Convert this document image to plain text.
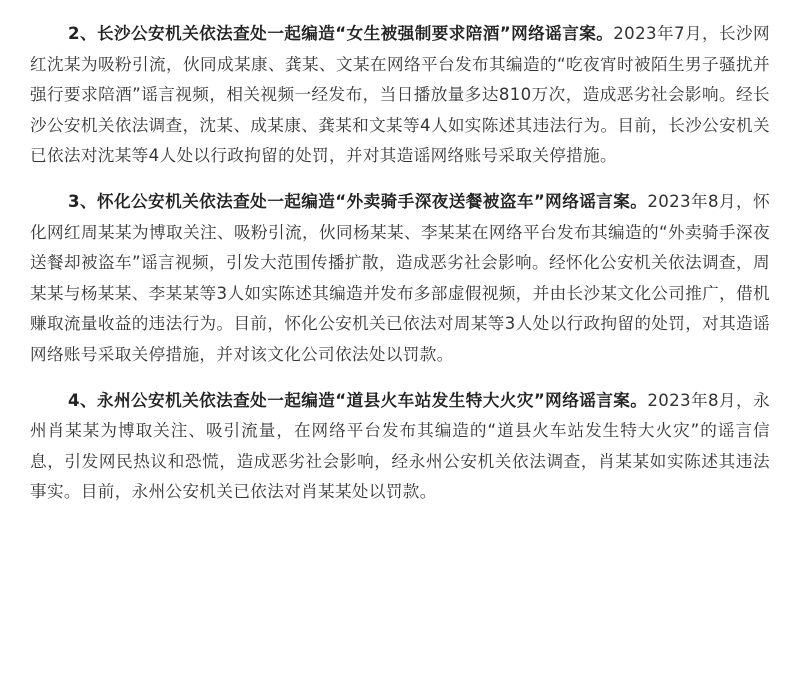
2、长沙公安机关依法查处一起编造“女生被强制要求陪酒”网络谣言案。2023年7月，长沙网红沈某为吸粉引流，伙同成某康、龚某、文某在网络平台发布其编造的“吃夜宵时被陌生男子骚扰并强行要求陪酒”谣言视频，相关视频一经发布，当日播放量多达810万次，造成恶劣社会影响。经长沙公安机关依法调查，沈某、成某康、龚某和文某等4人如实陈述其违法行为。目前，长沙公安机关已依法对沈某等4人处以行政拘留的处罚，并对其造谣网络账号采取关停措施。

3、怀化公安机关依法查处一起编造“外卖骑手深夜送餐被盗车”网络谣言案。2023年8月，怀化网红周某某为博取关注、吸粉引流，伙同杨某某、李某某在网络平台发布其编造的“外卖骑手深夜送餐却被盗车”谣言视频，引发大范围传播扩散，造成恶劣社会影响。经怀化公安机关依法调查，周某某与杨某某、李某某等3人如实陈述其编造并发布多部虚假视频，并由长沙某文化公司推广，借机赚取流量收益的违法行为。目前，怀化公安机关已依法对周某等3人处以行政拘留的处罚，对其造谣网络账号采取关停措施，并对该文化公司依法处以罚款。

4、永州公安机关依法查处一起编造“道县火车站发生特大火灾”网络谣言案。2023年8月，永州肖某某为博取关注、吸引流量，在网络平台发布其编造的“道县火车站发生特大火灾”的谣言信息，引发网民热议和恐慌，造成恶劣社会影响，经永州公安机关依法调查，肖某某如实陈述其违法事实。目前，永州公安机关已依法对肖某某处以罚款。
